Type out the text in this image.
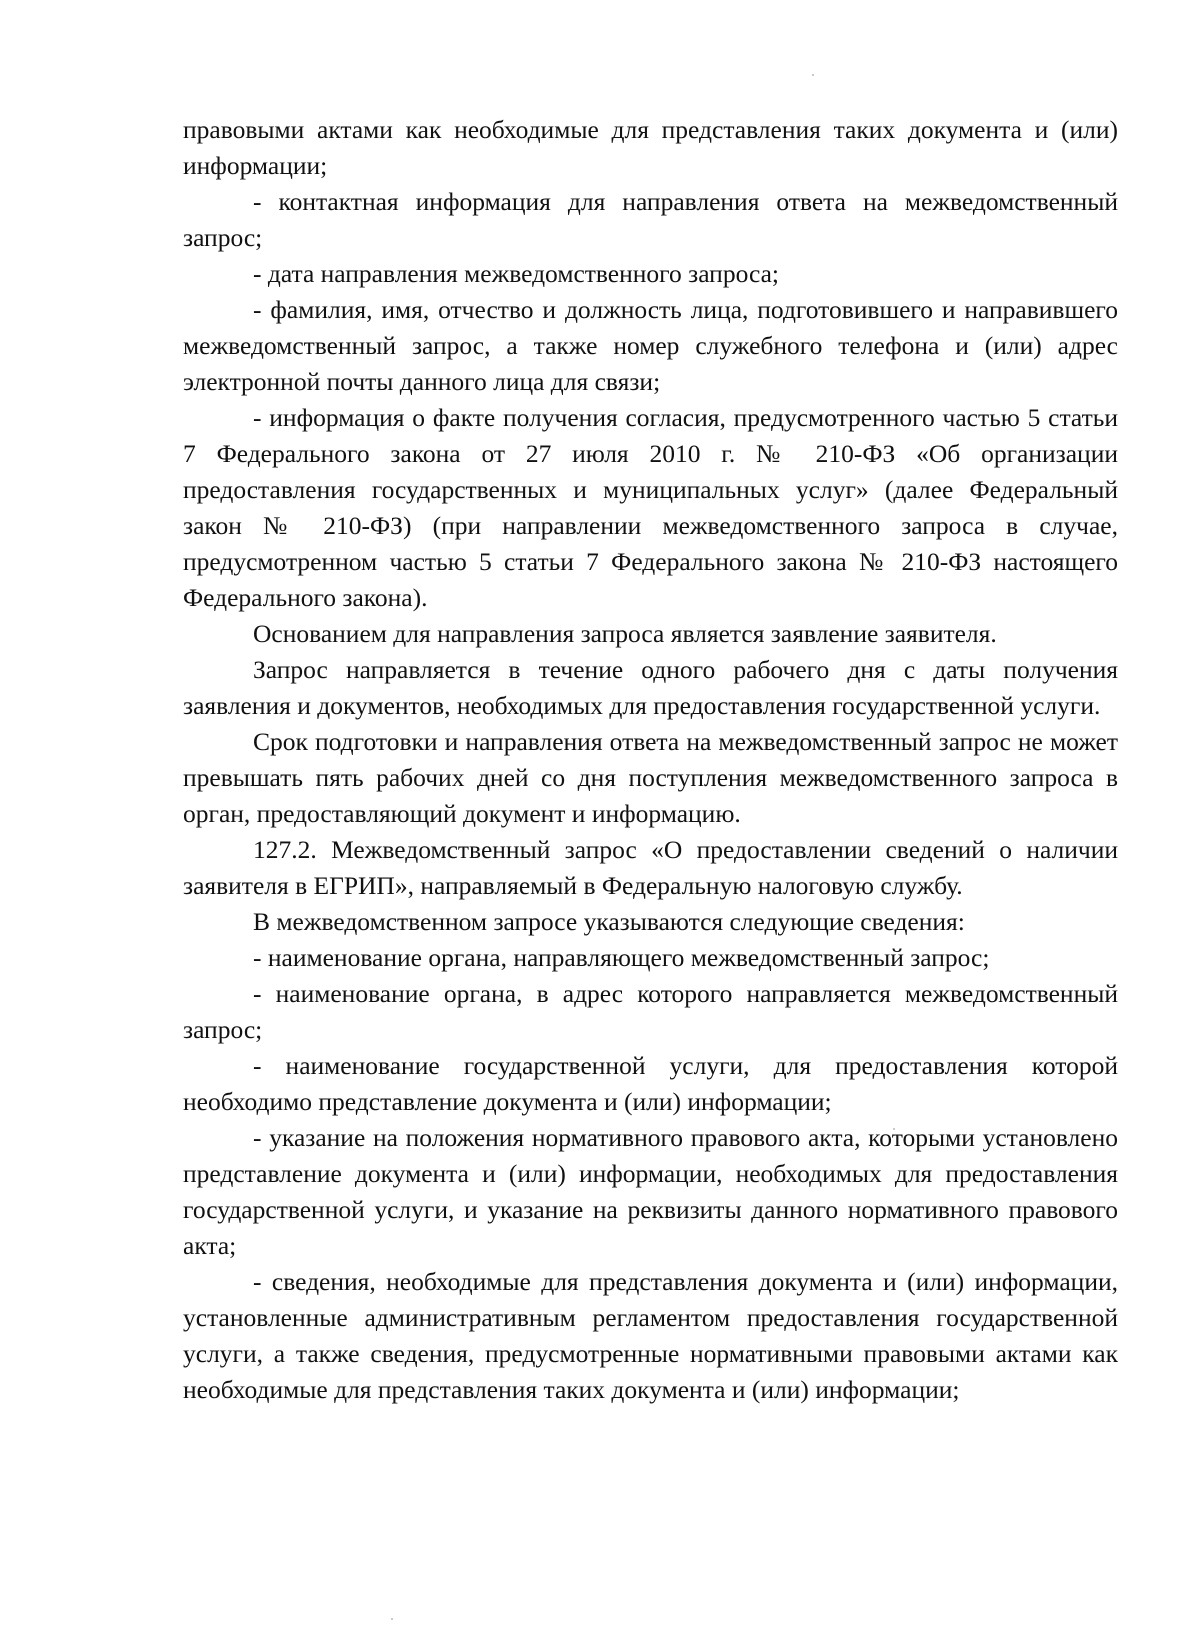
правовыми актами как необходимые для представления таких документа и (или) информации;

- контактная информация для направления ответа на межведомственный запрос;

- дата направления межведомственного запроса;

- фамилия, имя, отчество и должность лица, подготовившего и направившего межведомственный запрос, а также номер служебного телефона и (или) адрес электронной почты данного лица для связи;

- информация о факте получения согласия, предусмотренного частью 5 статьи 7 Федерального закона от 27 июля 2010 г. № 210-ФЗ «Об организации предоставления государственных и муниципальных услуг» (далее Федеральный закон № 210-ФЗ) (при направлении межведомственного запроса в случае, предусмотренном частью 5 статьи 7 Федерального закона № 210-ФЗ настоящего Федерального закона).

Основанием для направления запроса является заявление заявителя.

Запрос направляется в течение одного рабочего дня с даты получения заявления и документов, необходимых для предоставления государственной услуги.

Срок подготовки и направления ответа на межведомственный запрос не может превышать пять рабочих дней со дня поступления межведомственного запроса в орган, предоставляющий документ и информацию.

127.2. Межведомственный запрос «О предоставлении сведений о наличии заявителя в ЕГРИП», направляемый в Федеральную налоговую службу.

В межведомственном запросе указываются следующие сведения:

- наименование органа, направляющего межведомственный запрос;

- наименование органа, в адрес которого направляется межведомственный запрос;

- наименование государственной услуги, для предоставления которой необходимо представление документа и (или) информации;

- указание на положения нормативного правового акта, которыми установлено представление документа и (или) информации, необходимых для предоставления государственной услуги, и указание на реквизиты данного нормативного правового акта;

- сведения, необходимые для представления документа и (или) информации, установленные административным регламентом предоставления государственной услуги, а также сведения, предусмотренные нормативными правовыми актами как необходимые для представления таких документа и (или) информации;
